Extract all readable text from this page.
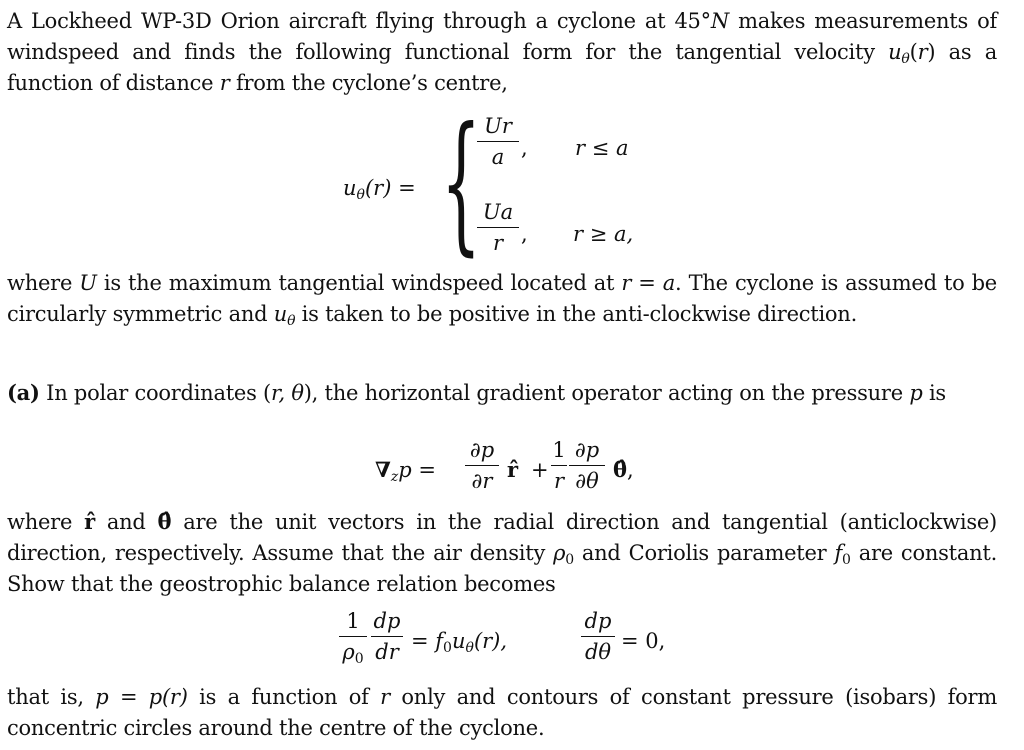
A Lockheed WP-3D Orion aircraft flying through a cyclone at 45°N makes measurements of windspeed and finds the following functional form for the tangential velocity $u_\theta(r)$ as a function of distance r from the cyclone’s centre,

$u_\theta(r)$ = { Ur
a , r ≤ a
Ua
r , r ≥ a,

where U is the maximum tangential windspeed located at r = a. The cyclone is assumed to be circularly symmetric and $u_\theta$ is taken to be positive in the anti-clockwise direction.

(a) In polar coordinates (r, θ), the horizontal gradient operator acting on the pressure p is

$\nabla_zp$ =
∂p
∂r r̂ +
1
r
∂p
∂θ θ̂ ,

where r̂ and θ̂ are the unit vectors in the radial direction and tangential (anticlockwise) direction, respectively. Assume that the air density $\rho_0$ and Coriolis parameter $f_0$ are constant. Show that the geostrophic balance relation becomes

1
$\rho_0$
dp
dr = $f_0u_\theta(r)$,
dp
dθ = 0,

that is, p = p(r) is a function of r only and contours of constant pressure (isobars) form concentric circles around the centre of the cyclone.
